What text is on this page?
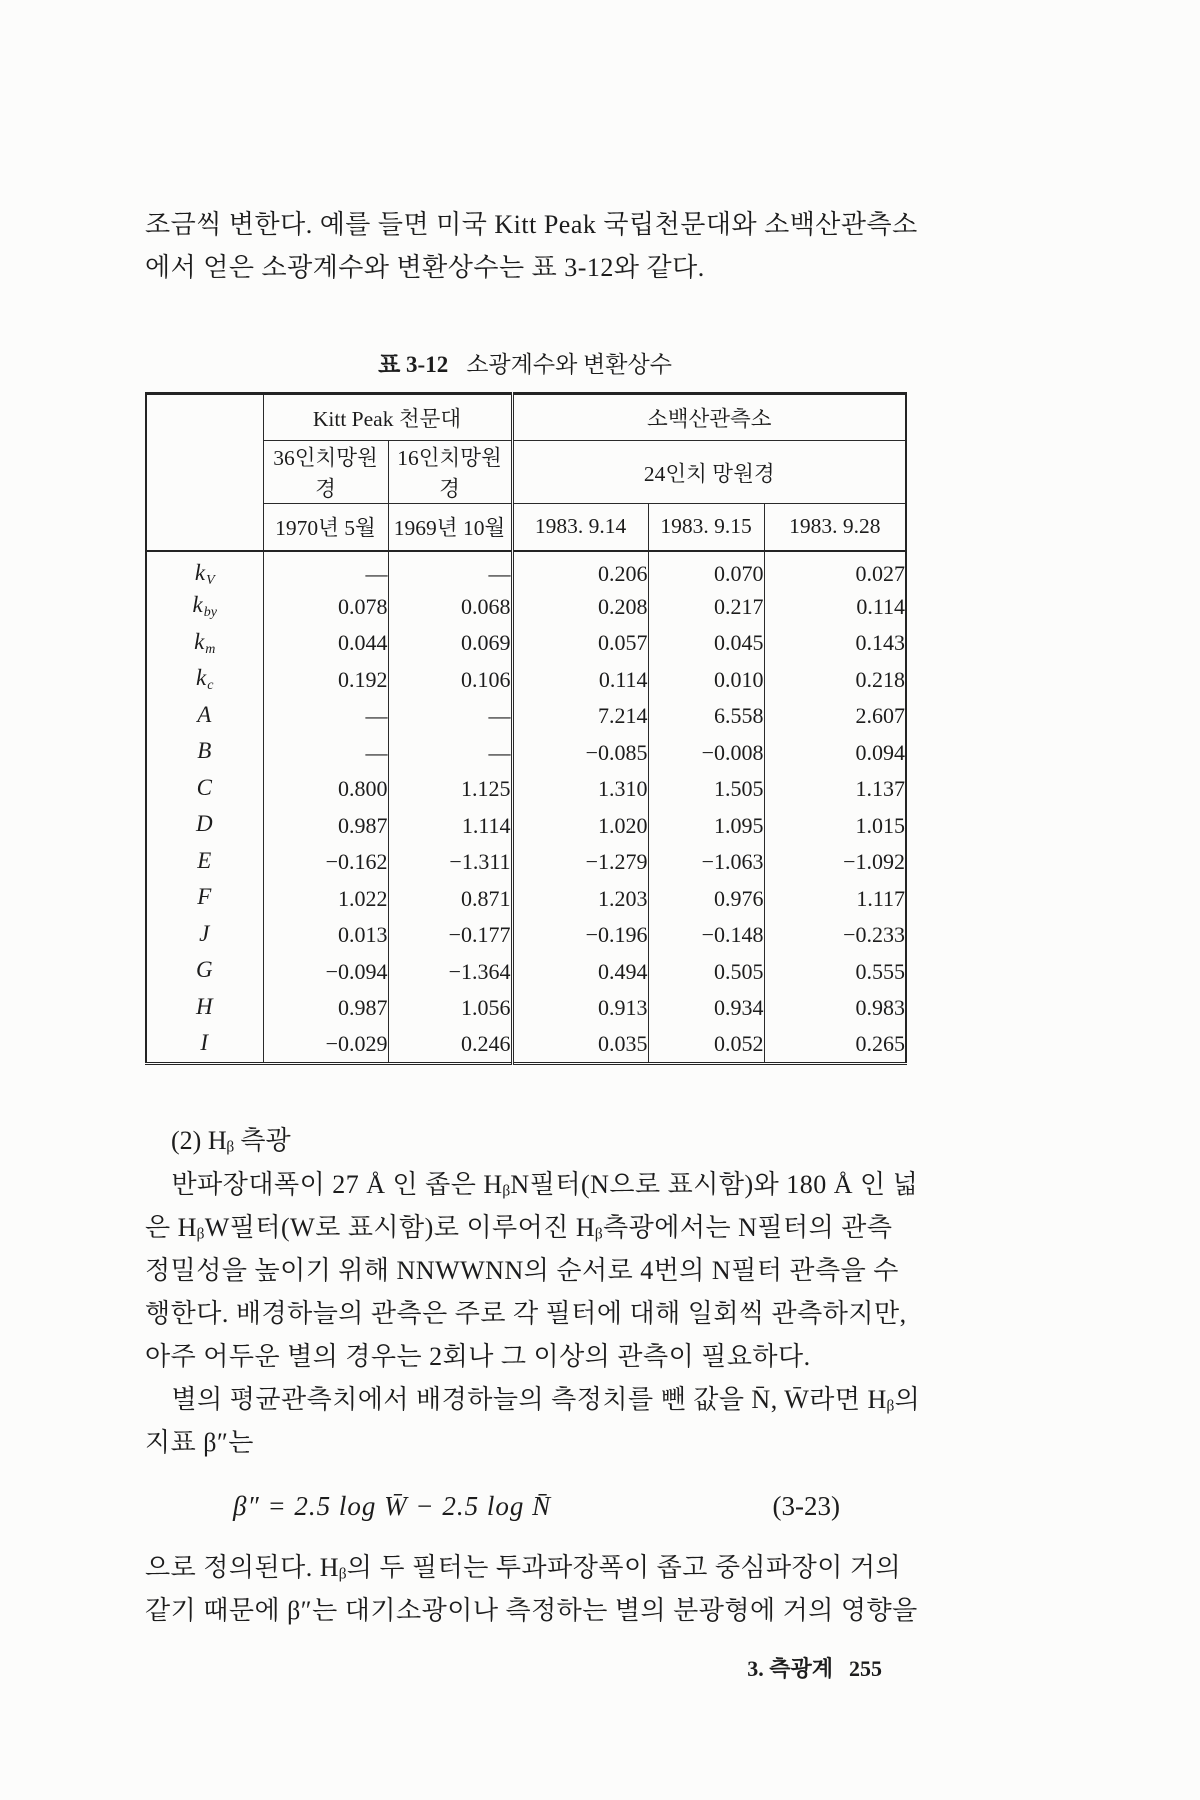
조금씩 변한다. 예를 들면 미국 Kitt Peak 국립천문대와 소백산관측소
에서 얻은 소광계수와 변환상수는 표 3-12와 같다.
표 3-12 소광계수와 변환상수
	Kitt Peak 천문대		소백산관측소		
	36인치망원경	16인치망원경	24인치 망원경		
	1970년 5월	1969년 10월	1983. 9.14	1983. 9.15	1983. 9.28
$k_V$	—	—	0.206	0.070	0.027
$k_{by}$	0.078	0.068	0.208	0.217	0.114
$k_m$	0.044	0.069	0.057	0.045	0.143
$k_c$	0.192	0.106	0.114	0.010	0.218
A	—	—	7.214	6.558	2.607
B	—	—	−0.085	−0.008	0.094
C	0.800	1.125	1.310	1.505	1.137
D	0.987	1.114	1.020	1.095	1.015
E	−0.162	−1.311	−1.279	−1.063	−1.092
F	1.022	0.871	1.203	0.976	1.117
J	0.013	−0.177	−0.196	−0.148	−0.233
G	−0.094	−1.364	0.494	0.505	0.555
H	0.987	1.056	0.913	0.934	0.983
I	−0.029	0.246	0.035	0.052	0.265
　(2) Hᵦ 측광
　반파장대폭이 27 Å 인 좁은 HᵦN필터(N으로 표시함)와 180 Å 인 넓
은 HᵦW필터(W로 표시함)로 이루어진 Hᵦ측광에서는 N필터의 관측
정밀성을 높이기 위해 NNWWNN의 순서로 4번의 N필터 관측을 수
행한다. 배경하늘의 관측은 주로 각 필터에 대해 일회씩 관측하지만,
아주 어두운 별의 경우는 2회나 그 이상의 관측이 필요하다.
　별의 평균관측치에서 배경하늘의 측정치를 뺀 값을 N̄, W̄라면 Hᵦ의
지표 β″는
β″ = 2.5 log W̄ − 2.5 log N̄	(3-23)
으로 정의된다. Hᵦ의 두 필터는 투과파장폭이 좁고 중심파장이 거의
같기 때문에 β″는 대기소광이나 측정하는 별의 분광형에 거의 영향을
3. 측광계 255
